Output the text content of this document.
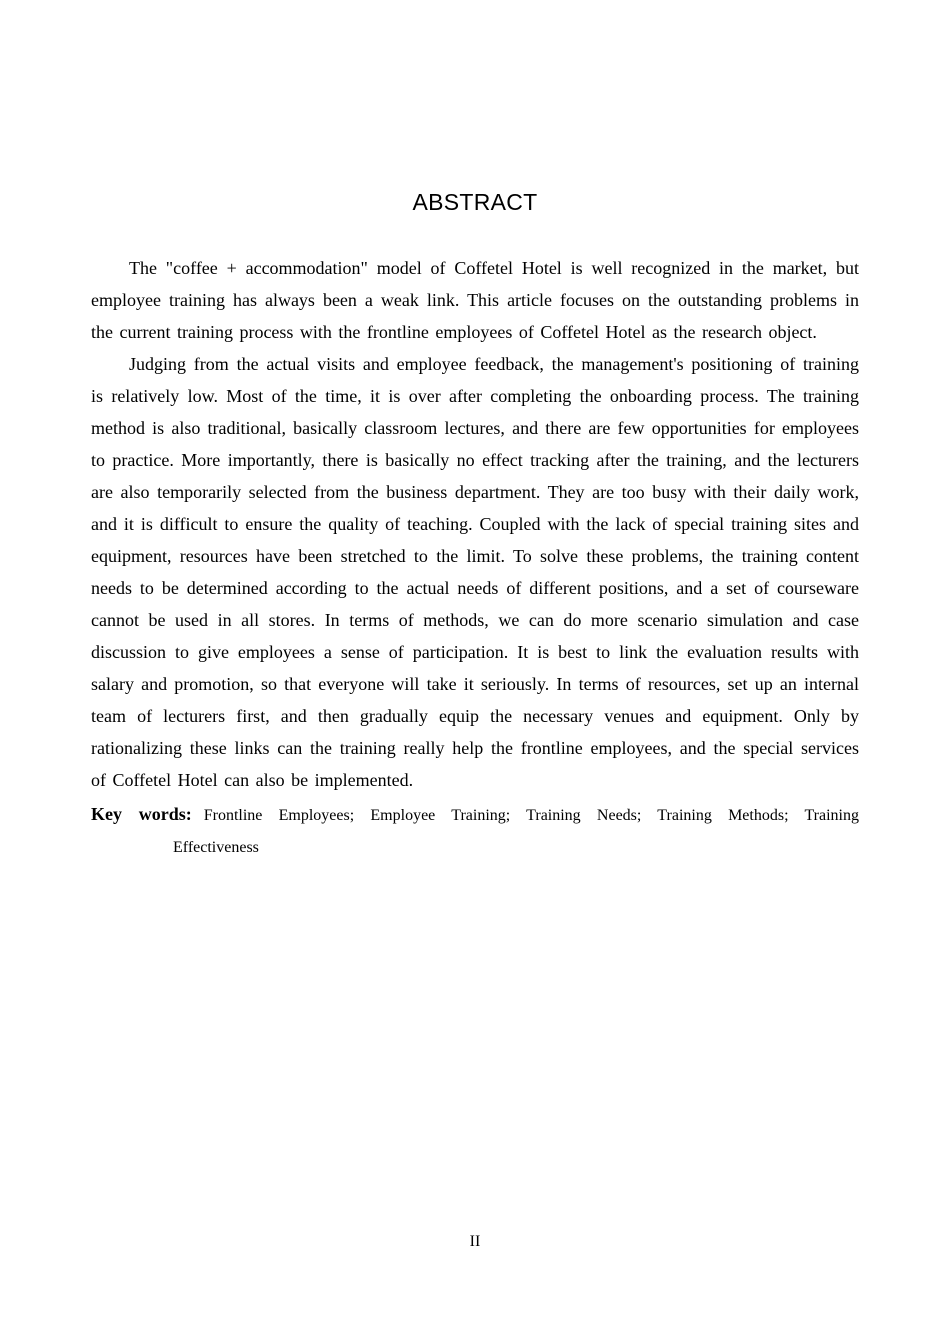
ABSTRACT

The "coffee + accommodation" model of Coffetel Hotel is well recognized in the market, but employee training has always been a weak link. This article focuses on the outstanding problems in the current training process with the frontline employees of Coffetel Hotel as the research object.

Judging from the actual visits and employee feedback, the management's positioning of training is relatively low. Most of the time, it is over after completing the onboarding process. The training method is also traditional, basically classroom lectures, and there are few opportunities for employees to practice. More importantly, there is basically no effect tracking after the training, and the lecturers are also temporarily selected from the business department. They are too busy with their daily work, and it is difficult to ensure the quality of teaching. Coupled with the lack of special training sites and equipment, resources have been stretched to the limit. To solve these problems, the training content needs to be determined according to the actual needs of different positions, and a set of courseware cannot be used in all stores. In terms of methods, we can do more scenario simulation and case discussion to give employees a sense of participation. It is best to link the evaluation results with salary and promotion, so that everyone will take it seriously. In terms of resources, set up an internal team of lecturers first, and then gradually equip the necessary venues and equipment. Only by rationalizing these links can the training really help the frontline employees, and the special services of Coffetel Hotel can also be implemented.

Key words: Frontline Employees; Employee Training; Training Needs; Training Methods; Training Effectiveness

II
